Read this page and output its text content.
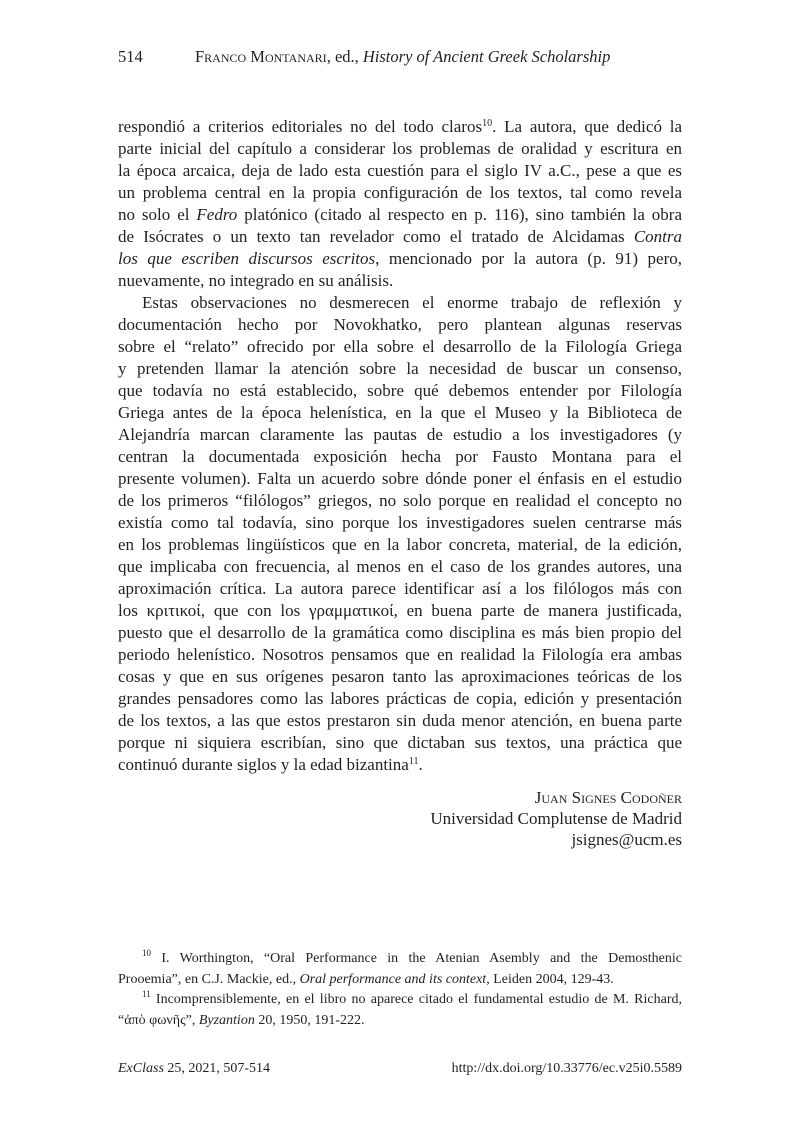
514	Franco Montanari, ed., History of Ancient Greek Scholarship
respondió a criterios editoriales no del todo claros$^{10}$. La autora, que dedicó la
parte inicial del capítulo a considerar los problemas de oralidad y escritura en
la época arcaica, deja de lado esta cuestión para el siglo IV a.C., pese a que es
un problema central en la propia configuración de los textos, tal como revela
no solo el Fedro platónico (citado al respecto en p. 116), sino también la obra
de Isócrates o un texto tan revelador como el tratado de Alcidamas Contra
los que escriben discursos escritos, mencionado por la autora (p. 91) pero,
nuevamente, no integrado en su análisis.
Estas observaciones no desmerecen el enorme trabajo de reflexión y
documentación hecho por Novokhatko, pero plantean algunas reservas
sobre el “relato” ofrecido por ella sobre el desarrollo de la Filología Griega
y pretenden llamar la atención sobre la necesidad de buscar un consenso,
que todavía no está establecido, sobre qué debemos entender por Filología
Griega antes de la época helenística, en la que el Museo y la Biblioteca de
Alejandría marcan claramente las pautas de estudio a los investigadores (y
centran la documentada exposición hecha por Fausto Montana para el
presente volumen). Falta un acuerdo sobre dónde poner el énfasis en el estudio
de los primeros “filólogos” griegos, no solo porque en realidad el concepto no
existía como tal todavía, sino porque los investigadores suelen centrarse más
en los problemas lingüísticos que en la labor concreta, material, de la edición,
que implicaba con frecuencia, al menos en el caso de los grandes autores, una
aproximación crítica. La autora parece identificar así a los filólogos más con
los κριτικοί, que con los γραμματικοί, en buena parte de manera justificada,
puesto que el desarrollo de la gramática como disciplina es más bien propio del
periodo helenístico. Nosotros pensamos que en realidad la Filología era ambas
cosas y que en sus orígenes pesaron tanto las aproximaciones teóricas de los
grandes pensadores como las labores prácticas de copia, edición y presentación
de los textos, a las que estos prestaron sin duda menor atención, en buena parte
porque ni siquiera escribían, sino que dictaban sus textos, una práctica que
continuó durante siglos y la edad bizantina$^{11}$.
Juan Signes Codoñer
Universidad Complutense de Madrid
jsignes@ucm.es
$^{10}$ I. Worthington, “Oral Performance in the Atenian Asembly and the Demosthenic
Prooemia”, en C.J. Mackie, ed., Oral performance and its context, Leiden 2004, 129-43.
$^{11}$ Incomprensiblemente, en el libro no aparece citado el fundamental estudio de M. Richard,
“ἀπὸ φωνῆς”, Byzantion 20, 1950, 191-222.
ExClass 25, 2021, 507-514	http://dx.doi.org/10.33776/ec.v25i0.5589
